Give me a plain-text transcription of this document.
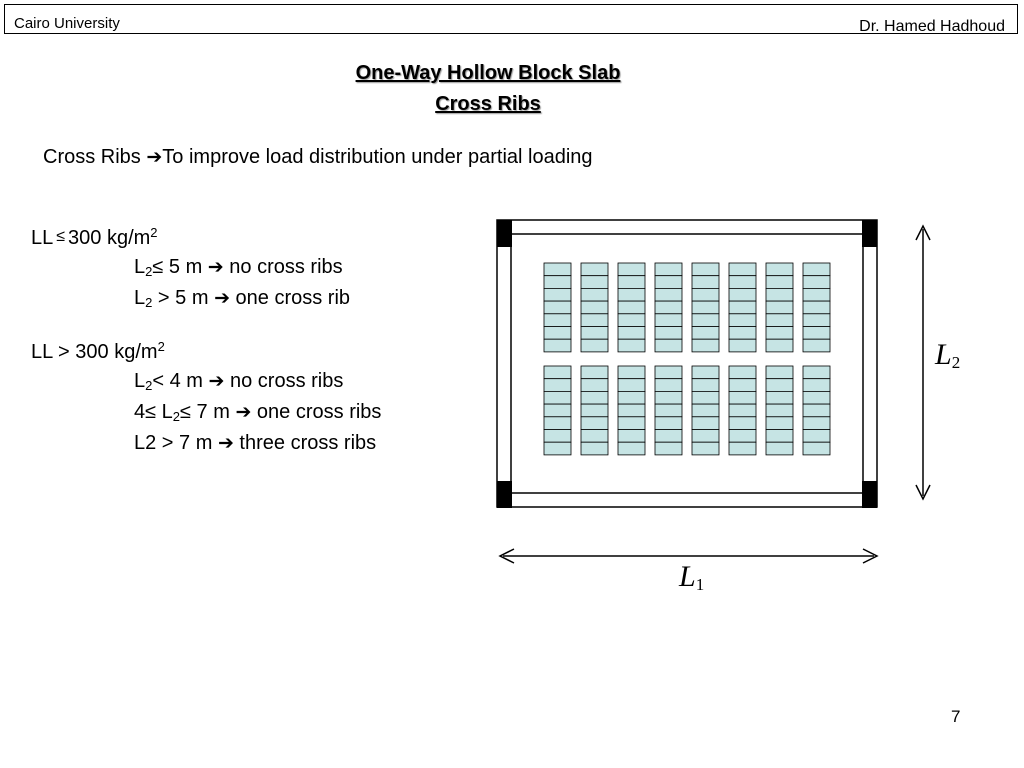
Cairo University	Dr. Hamed Hadhoud
One-Way Hollow Block Slab
Cross Ribs
Cross Ribs ➔To improve load distribution under partial loading
LL ≤ 300 $kg/m^2$
$L_2\le 5$ m ➔ no cross ribs
$L_2 > 5$ m ➔ one cross rib
LL > 300 $kg/m^2$
$L_2< 4$ m ➔ no cross ribs
$4\le L_2\le 7$ m ➔ one cross ribs
L2 > 7 m ➔ three cross ribs
$L_2$
$L_1$
7
